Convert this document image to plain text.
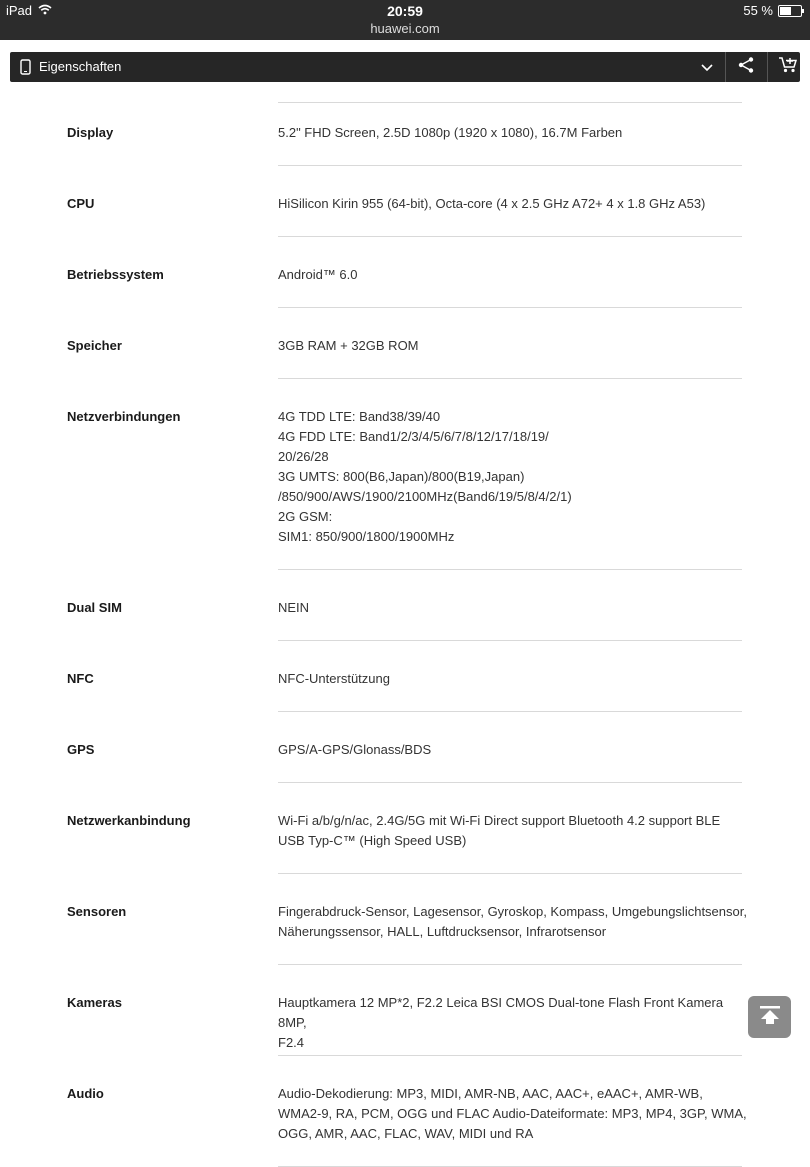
iPad	20:59
huawei.com
55 %
Display	5.2" FHD Screen, 2.5D 1080p (1920 x 1080), 16.7M Farben
CPU	HiSilicon Kirin 955 (64-bit), Octa-core (4 x 2.5 GHz A72+ 4 x 1.8 GHz A53)
Betriebssystem	Android™ 6.0
Speicher	3GB RAM + 32GB ROM
Netzverbindungen	4G TDD LTE: Band38/39/40
4G FDD LTE: Band1/2/3/4/5/6/7/8/12/17/18/19/
20/26/28
3G UMTS: 800(B6,Japan)/800(B19,Japan)
/850/900/AWS/1900/2100MHz(Band6/19/5/8/4/2/1)
2G GSM:
SIM1: 850/900/1800/1900MHz
Dual SIM	NEIN
NFC	NFC-Unterstützung
GPS	GPS/A-GPS/Glonass/BDS
Netzwerkanbindung	Wi-Fi a/b/g/n/ac, 2.4G/5G mit Wi-Fi Direct support Bluetooth 4.2 support BLE
USB Typ-C™ (High Speed USB)
Sensoren	Fingerabdruck-Sensor, Lagesensor, Gyroskop, Kompass, Umgebungslichtsensor,
Näherungssensor, HALL, Luftdrucksensor, Infrarotsensor
Kameras	Hauptkamera 12 MP*2, F2.2 Leica BSI CMOS Dual-tone Flash Front Kamera 8MP,
F2.4
Audio	Audio-Dekodierung: MP3, MIDI, AMR-NB, AAC, AAC+, eAAC+, AMR-WB,
WMA2-9, RA, PCM, OGG und FLAC Audio-Dateiformate: MP3, MP4, 3GP, WMA,
OGG, AMR, AAC, FLAC, WAV, MIDI und RA
Eigenschaften
